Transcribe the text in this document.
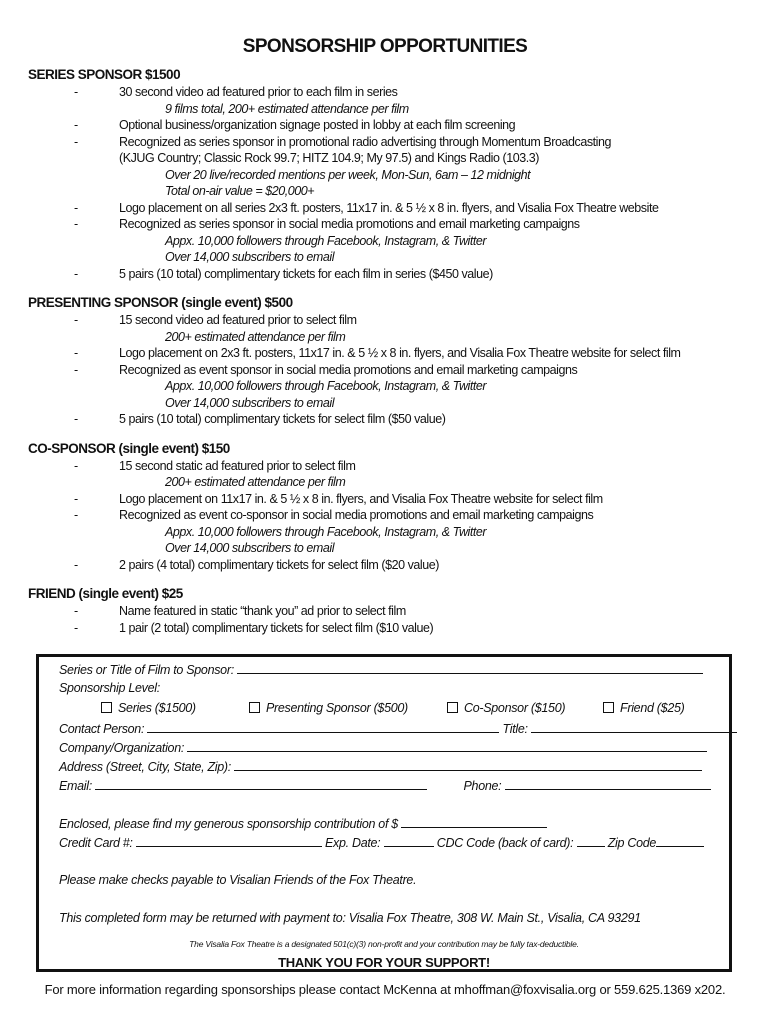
SPONSORSHIP OPPORTUNITIES
SERIES SPONSOR $1500
-	30 second video ad featured prior to each film in series
9 films total, 200+ estimated attendance per film
-	Optional business/organization signage posted in lobby at each film screening
-	Recognized as series sponsor in promotional radio advertising through Momentum Broadcasting
(KJUG Country; Classic Rock 99.7; HITZ 104.9; My 97.5) and Kings Radio (103.3)
Over 20 live/recorded mentions per week, Mon-Sun, 6am – 12 midnight
Total on-air value = $20,000+
-	Logo placement on all series 2x3 ft. posters, 11x17 in. & 5 ½ x 8 in. flyers, and Visalia Fox Theatre website
-	Recognized as series sponsor in social media promotions and email marketing campaigns
Appx. 10,000 followers through Facebook, Instagram, & Twitter
Over 14,000 subscribers to email
-	5 pairs (10 total) complimentary tickets for each film in series ($450 value)
PRESENTING SPONSOR (single event) $500
-	15 second video ad featured prior to select film
200+ estimated attendance per film
-	Logo placement on 2x3 ft. posters, 11x17 in. & 5 ½ x 8 in. flyers, and Visalia Fox Theatre website for select film
-	Recognized as event sponsor in social media promotions and email marketing campaigns
Appx. 10,000 followers through Facebook, Instagram, & Twitter
Over 14,000 subscribers to email
-	5 pairs (10 total) complimentary tickets for select film ($50 value)
CO-SPONSOR (single event) $150
-	15 second static ad featured prior to select film
200+ estimated attendance per film
-	Logo placement on 11x17 in. & 5 ½ x 8 in. flyers, and Visalia Fox Theatre website for select film
-	Recognized as event co-sponsor in social media promotions and email marketing campaigns
Appx. 10,000 followers through Facebook, Instagram, & Twitter
Over 14,000 subscribers to email
-	2 pairs (4 total) complimentary tickets for select film ($20 value)
FRIEND (single event) $25
-	Name featured in static “thank you” ad prior to select film
-	1 pair (2 total) complimentary tickets for select film ($10 value)
Series or Title of Film to Sponsor:
Sponsorship Level:
Series ($1500)	Presenting Sponsor ($500)	Co-Sponsor ($150)	Friend ($25)
Contact Person:	Title:
Company/Organization:
Address (Street, City, State, Zip):
Email:	Phone:
Enclosed, please find my generous sponsorship contribution of $
Credit Card #:	Exp. Date:	CDC Code (back of card):	Zip Code
Please make checks payable to Visalian Friends of the Fox Theatre.
This completed form may be returned with payment to: Visalia Fox Theatre, 308 W. Main St., Visalia, CA 93291
The Visalia Fox Theatre is a designated 501(c)(3) non-profit and your contribution may be fully tax-deductible.
THANK YOU FOR YOUR SUPPORT!
For more information regarding sponsorships please contact McKenna at mhoffman@foxvisalia.org or 559.625.1369 x202.
